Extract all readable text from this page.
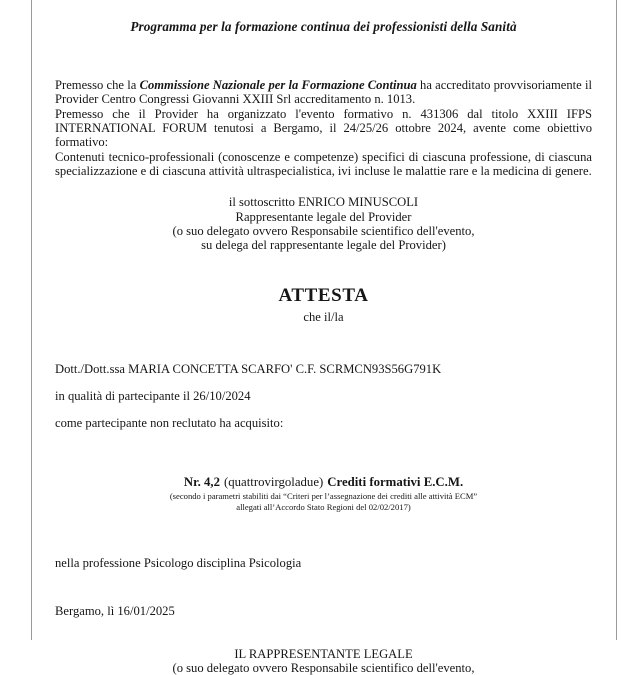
Programma per la formazione continua dei professionisti della Sanità

Premesso che la Commissione Nazionale per la Formazione Continua ha accreditato provvisoriamente il Provider Centro Congressi Giovanni XXIII Srl accreditamento n. 1013.

Premesso che il Provider ha organizzato l'evento formativo n. 431306 dal titolo XXIII IFPS INTERNATIONAL FORUM tenutosi a Bergamo, il 24/25/26 ottobre 2024, avente come obiettivo formativo:

Contenuti tecnico-professionali (conoscenze e competenze) specifici di ciascuna professione, di ciascuna specializzazione e di ciascuna attività ultraspecialistica, ivi incluse le malattie rare e la medicina di genere.

il sottoscritto ENRICO MINUSCOLI
Rappresentante legale del Provider
(o suo delegato ovvero Responsabile scientifico dell'evento,
su delega del rappresentante legale del Provider)
ATTESTA

che il/la

Dott./Dott.ssa MARIA CONCETTA SCARFO' C.F. SCRMCN93S56G791K

in qualità di partecipante il 26/10/2024

come partecipante non reclutato ha acquisito:

Nr. 4,2 (quattrovirgoladue) Crediti formativi E.C.M.

(secondo i parametri stabiliti dai “Criteri per l’assegnazione dei crediti alle attività ECM”
allegati all’Accordo Stato Regioni del 02/02/2017)

nella professione Psicologo disciplina Psicologia

Bergamo, lì 16/01/2025

IL RAPPRESENTANTE LEGALE
(o suo delegato ovvero Responsabile scientifico dell'evento,
